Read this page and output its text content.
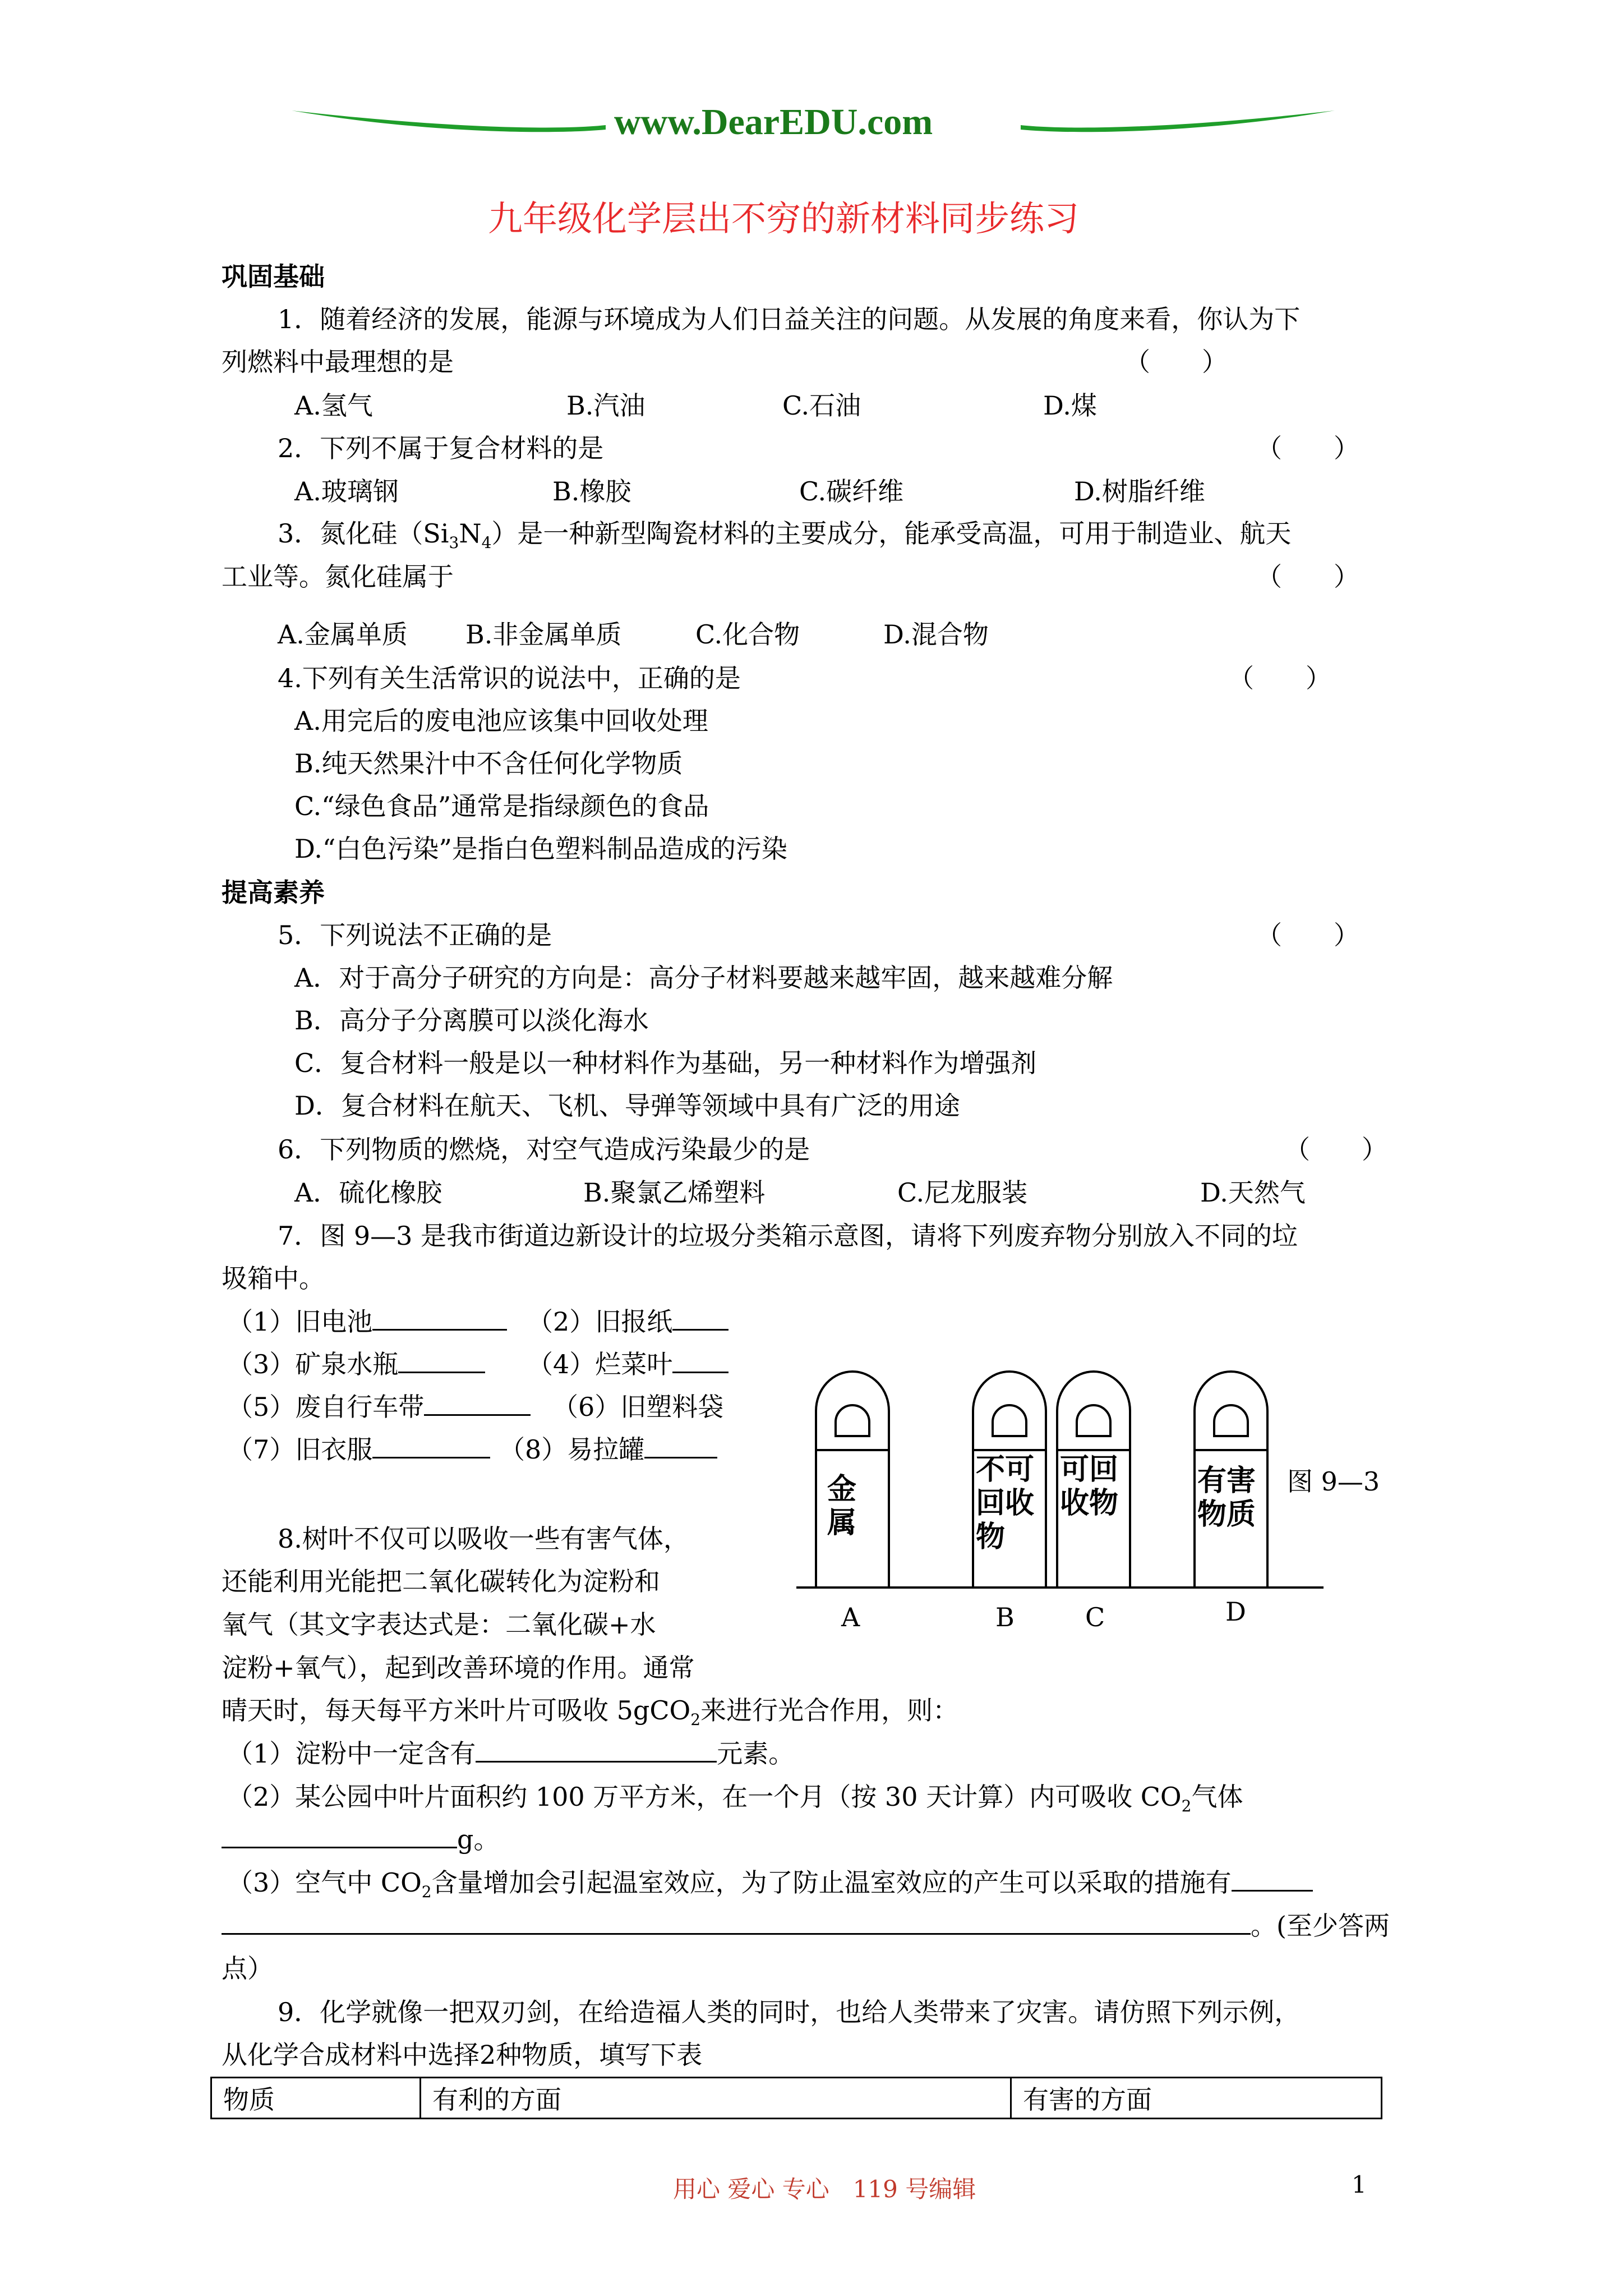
www.DearEDU.com
九年级化学层出不穷的新材料同步练习
巩固基础
1．随着经济的发展，能源与环境成为人们日益关注的问题。从发展的角度来看，你认为下
列燃料中最理想的是	（　　）
A.氢气	B.汽油	C.石油	D.煤
2．下列不属于复合材料的是	（　　）
A.玻璃钢	B.橡胶	C.碳纤维	D.树脂纤维
3．氮化硅$(Si_3N_4)$是一种新型陶瓷材料的主要成分，能承受高温，可用于制造业、航天
工业等。氮化硅属于	（　　）
A.金属单质 B.非金属单质	C.化合物	D.混合物
4.下列有关生活常识的说法中，正确的是	（　　）
A.用完后的废电池应该集中回收处理
B.纯天然果汁中不含任何化学物质
C.“绿色食品”通常是指绿颜色的食品
D.“白色污染”是指白色塑料制品造成的污染
提高素养
5．下列说法不正确的是	（　　）
A．对于高分子研究的方向是：高分子材料要越来越牢固，越来越难分解
B．高分子分离膜可以淡化海水
C．复合材料一般是以一种材料作为基础，另一种材料作为增强剂
D．复合材料在航天、飞机、导弹等领域中具有广泛的用途
6．下列物质的燃烧，对空气造成污染最少的是	（　　）
A．硫化橡胶	B.聚氯乙烯塑料	C.尼龙服装	D.天然气
7．图 9—3 是我市街道边新设计的垃圾分类箱示意图，请将下列废弃物分别放入不同的垃
圾箱中。
（1）旧电池	（2）旧报纸
（3）矿泉水瓶	（4）烂菜叶
（5）废自行车带	（6）旧塑料袋
（7）旧衣服	（8）易拉罐
金
属
不可
回收
物
可回
收物
有害
物质
图 9—3
A	B	C	D
8.树叶不仅可以吸收一些有害气体，
还能利用光能把二氧化碳转化为淀粉和
氧气（其文字表达式是：二氧化碳+水
淀粉+氧气），起到改善环境的作用。通常
晴天时，每天每平方米叶片可吸收 5gCO$_2$来进行光合作用，则：
（1）淀粉中一定含有	元素。
（2）某公园中叶片面积约 100 万平方米，在一个月（按 30 天计算）内可吸收 $CO_2$气体
g。
（3）空气中 $CO_2$含量增加会引起温室效应，为了防止温室效应的产生可以采取的措施有
。(至少答两
点）
9．化学就像一把双刃剑，在给造福人类的同时，也给人类带来了灾害。请仿照下列示例，
从化学合成材料中选择2种物质，填写下表
物质	有利的方面	有害的方面
用心 爱心 专心　119 号编辑	1
